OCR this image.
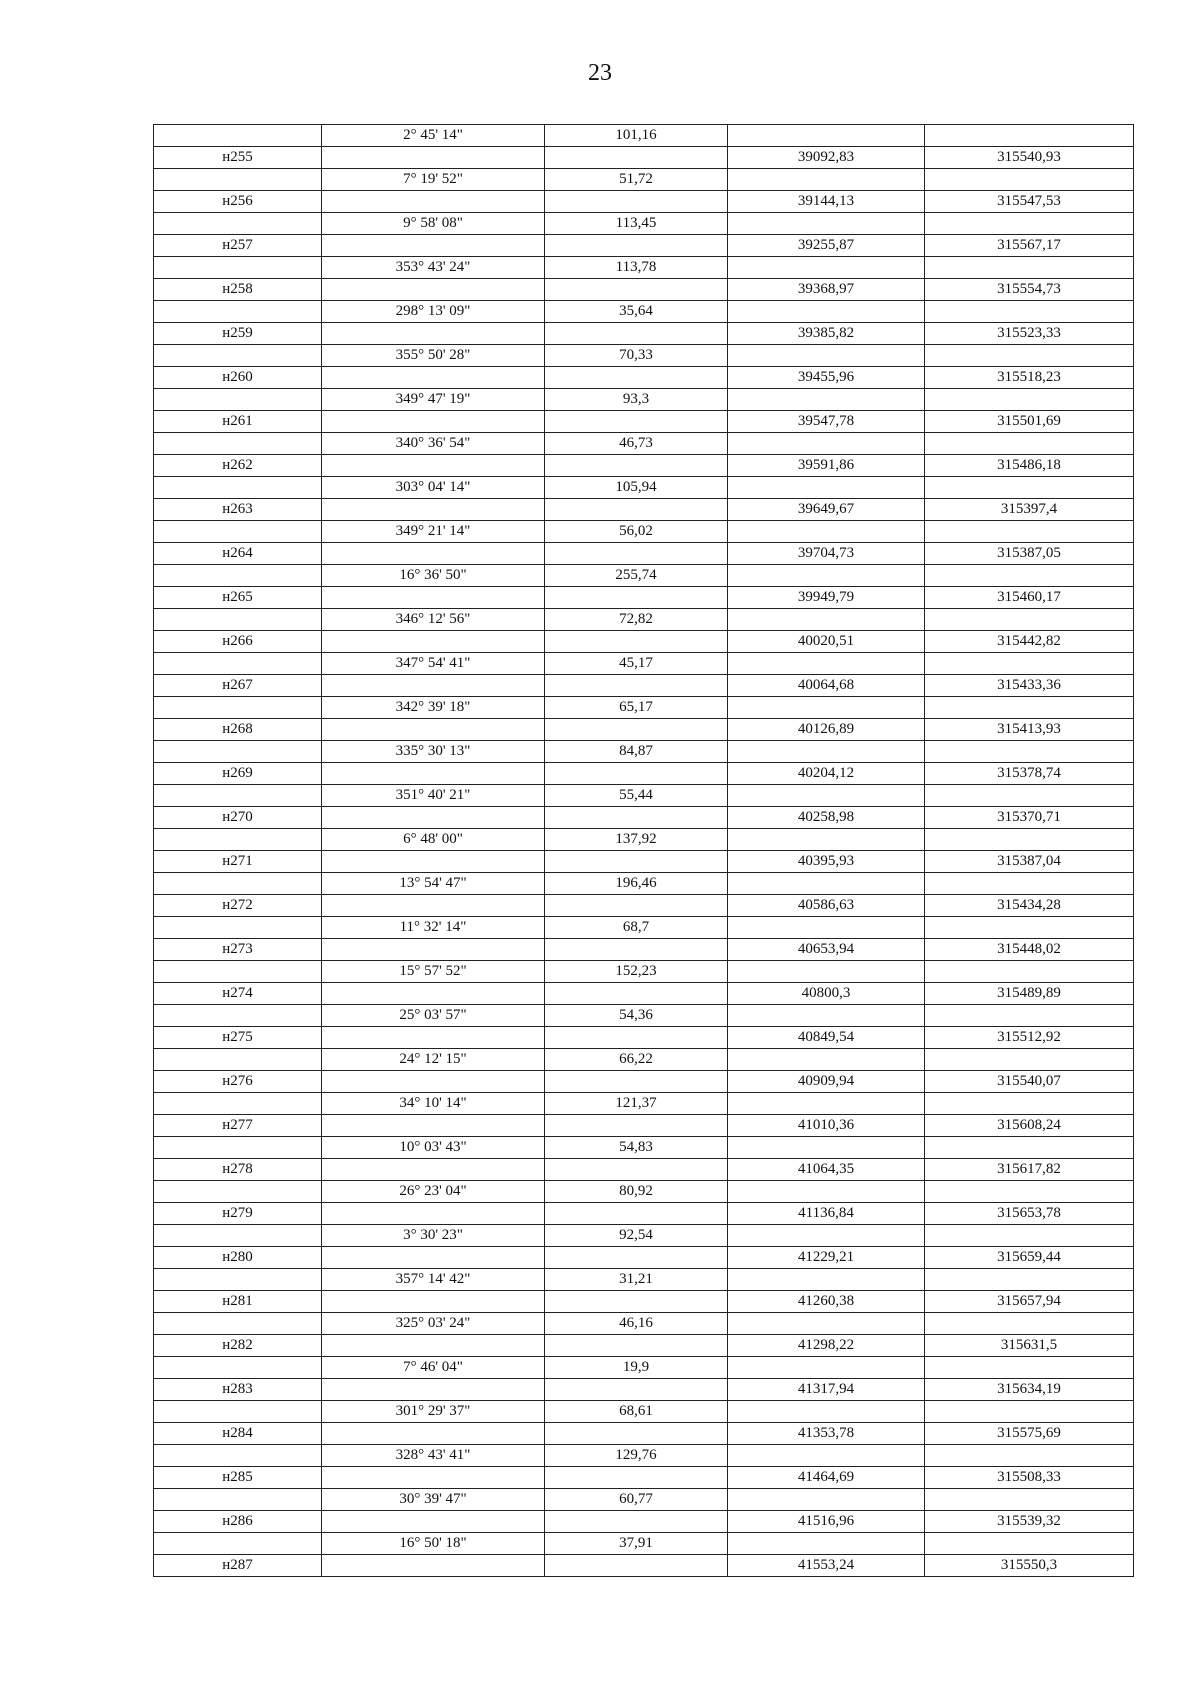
23
	2° 45' 14"	101,16		
н255			39092,83	315540,93
	7° 19' 52"	51,72		
н256			39144,13	315547,53
	9° 58' 08"	113,45		
н257			39255,87	315567,17
	353° 43' 24"	113,78		
н258			39368,97	315554,73
	298° 13' 09"	35,64		
н259			39385,82	315523,33
	355° 50' 28"	70,33		
н260			39455,96	315518,23
	349° 47' 19"	93,3		
н261			39547,78	315501,69
	340° 36' 54"	46,73		
н262			39591,86	315486,18
	303° 04' 14"	105,94		
н263			39649,67	315397,4
	349° 21' 14"	56,02		
н264			39704,73	315387,05
	16° 36' 50"	255,74		
н265			39949,79	315460,17
	346° 12' 56"	72,82		
н266			40020,51	315442,82
	347° 54' 41"	45,17		
н267			40064,68	315433,36
	342° 39' 18"	65,17		
н268			40126,89	315413,93
	335° 30' 13"	84,87		
н269			40204,12	315378,74
	351° 40' 21"	55,44		
н270			40258,98	315370,71
	6° 48' 00"	137,92		
н271			40395,93	315387,04
	13° 54' 47"	196,46		
н272			40586,63	315434,28
	11° 32' 14"	68,7		
н273			40653,94	315448,02
	15° 57' 52"	152,23		
н274			40800,3	315489,89
	25° 03' 57"	54,36		
н275			40849,54	315512,92
	24° 12' 15"	66,22		
н276			40909,94	315540,07
	34° 10' 14"	121,37		
н277			41010,36	315608,24
	10° 03' 43"	54,83		
н278			41064,35	315617,82
	26° 23' 04"	80,92		
н279			41136,84	315653,78
	3° 30' 23"	92,54		
н280			41229,21	315659,44
	357° 14' 42"	31,21		
н281			41260,38	315657,94
	325° 03' 24"	46,16		
н282			41298,22	315631,5
	7° 46' 04"	19,9		
н283			41317,94	315634,19
	301° 29' 37"	68,61		
н284			41353,78	315575,69
	328° 43' 41"	129,76		
н285			41464,69	315508,33
	30° 39' 47"	60,77		
н286			41516,96	315539,32
	16° 50' 18"	37,91		
н287			41553,24	315550,3
